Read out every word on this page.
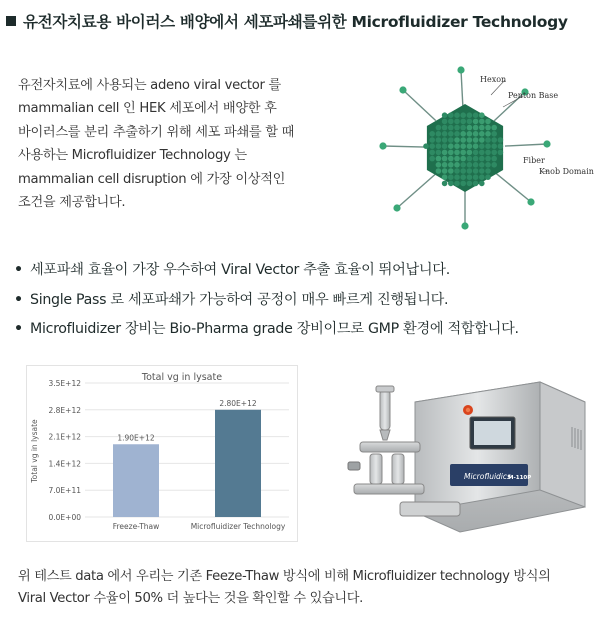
유전자치료용 바이러스 배양에서 세포파쇄를위한 Microfluidizer Technology

유전자치료에 사용되는 adeno viral vector 를

mammalian cell 인 HEK 세포에서 배양한 후

바이러스를 분리 추출하기 위해 세포 파쇄를 할 때

사용하는 Microfluidizer Technology 는

mammalian cell disruption 에 가장 이상적인

조건을 제공합니다.

Hexon
Penton Base
Fiber
Knob Domain
• 세포파쇄 효율이 가장 우수하여 Viral Vector 추출 효율이 뛰어납니다.
• Single Pass 로 세포파쇄가 가능하여 공정이 매우 빠르게 진행됩니다.
• Microfluidizer 장비는 Bio-Pharma grade 장비이므로 GMP 환경에 적합합니다.
Total vg in lysate
Total vg in lysate
0.0E+00
7.0E+11
1.4E+12
2.1E+12
2.8E+12
3.5E+12
1.90E+12
2.80E+12
Freeze-Thaw	Microfluidizer Technology
Microfluidics
M-110P

위 테스트 data 에서 우리는 기존 Feeze-Thaw 방식에 비해 Microfluidizer technology 방식의

Viral Vector 수율이 50% 더 높다는 것을 확인할 수 있습니다.
